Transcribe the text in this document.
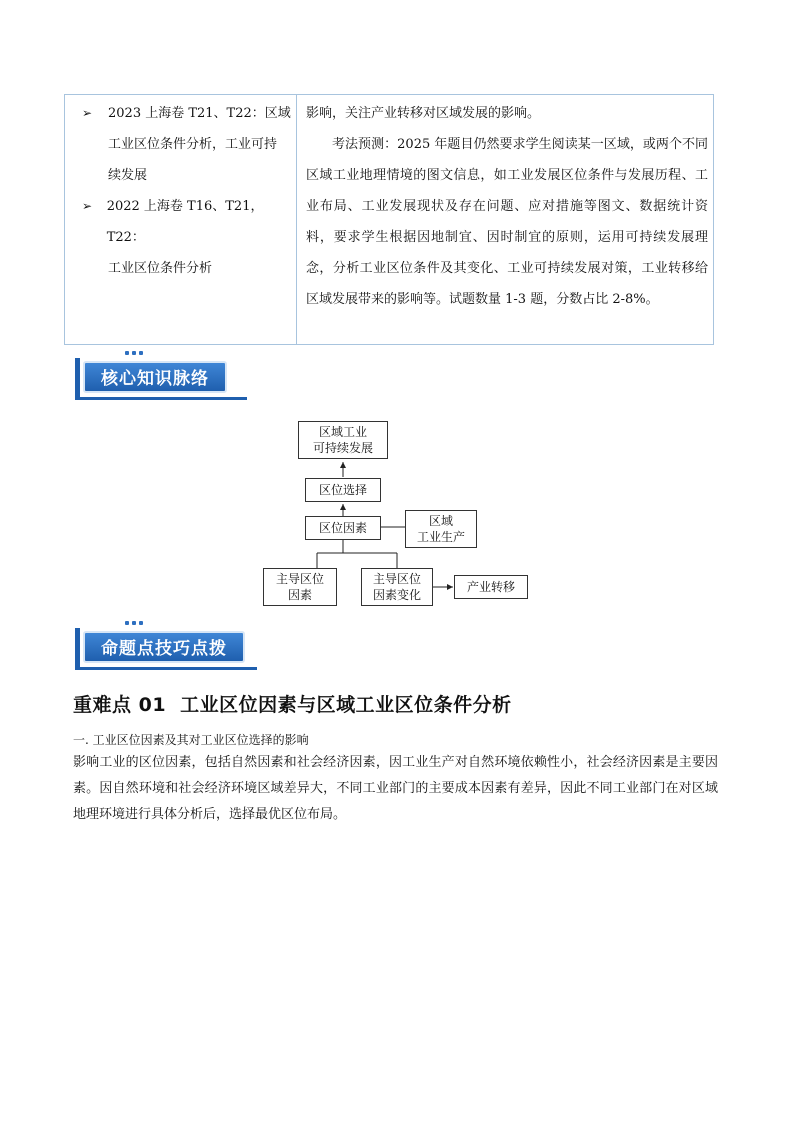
➢	2023 上海卷 T21、T22：区域
工业区位条件分析，工业可持
续发展
➢	2022 上海卷 T16、T21，T22：
工业区位条件分析
影响，关注产业转移对区域发展的影响。
考法预测：2025 年题目仍然要求学生阅读某一区域，或两个不同区域工业地理情境的图文信息，如工业发展区位条件与发展历程、工业布局、工业发展现状及存在问题、应对措施等图文、数据统计资料，要求学生根据因地制宜、因时制宜的原则，运用可持续发展理念，分析工业区位条件及其变化、工业可持续发展对策，工业转移给区域发展带来的影响等。试题数量 1-3 题，分数占比 2-8%。
核心知识脉络
区域工业
可持续发展
区位选择
区位因素	区域
工业生产
主导区位
因素
主导区位
因素变化
产业转移
命题点技巧点拨
重难点 01 工业区位因素与区域工业区位条件分析
一. 工业区位因素及其对工业区位选择的影响
影响工业的区位因素，包括自然因素和社会经济因素，因工业生产对自然环境依赖性小，社会经济因素是主要因素。因自然环境和社会经济环境区域差异大，不同工业部门的主要成本因素有差异，因此不同工业部门在对区域地理环境进行具体分析后，选择最优区位布局。
